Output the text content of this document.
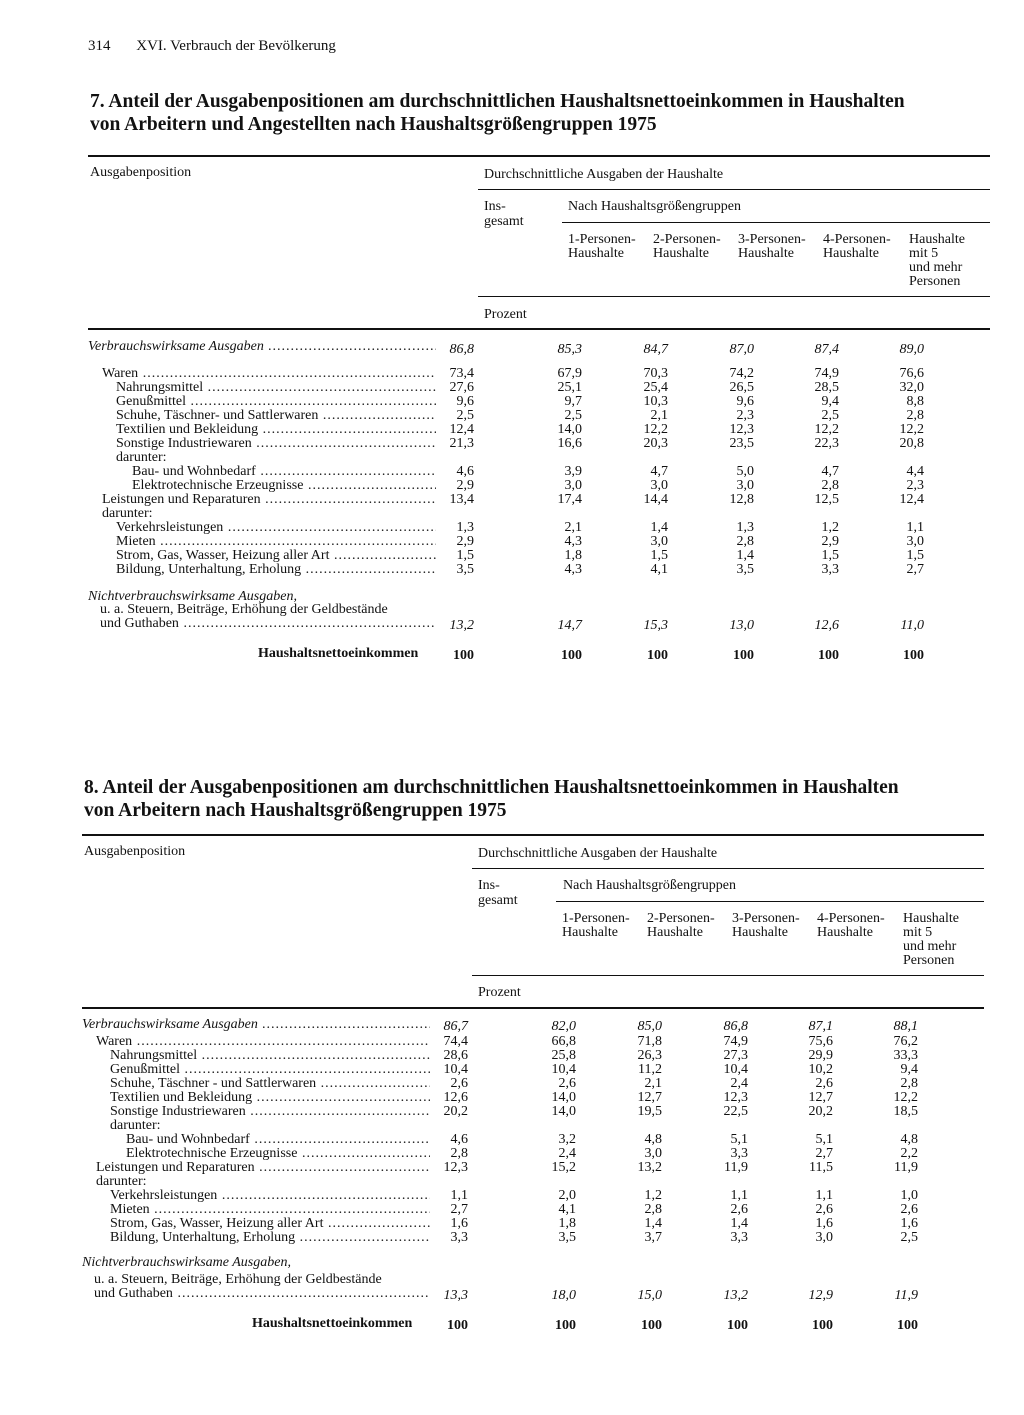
314 XVI. Verbrauch der Bevölkerung
7. Anteil der Ausgabenpositionen am durchschnittlichen Haushaltsnettoeinkommen in Haushalten
von Arbeitern und Angestellten nach Haushaltsgrößengruppen 1975
Ausgabenposition	Durchschnittliche Ausgaben der Haushalte
Ins-
gesamt
Nach Haushaltsgrößengruppen
1-Personen-
Haushalte
2-Personen-
Haushalte
3-Personen-
Haushalte
4-Personen-
Haushalte
Haushalte
mit 5
und mehr
Personen
Prozent
Verbrauchswirksame Ausgaben .....	86,8	85,3	84,7	87,0	87,4	89,0
Waren .....	73,4	67,9	70,3	74,2	74,9	76,6
Nahrungsmittel .....	27,6	25,1	25,4	26,5	28,5	32,0
Genußmittel .....	9,6	9,7	10,3	9,6	9,4	8,8
Schuhe, Täschner- und Sattlerwaren .....	2,5	2,5	2,1	2,3	2,5	2,8
Textilien und Bekleidung .....	12,4	14,0	12,2	12,3	12,2	12,2
Sonstige Industriewaren .....	21,3	16,6	20,3	23,5	22,3	20,8
darunter:
Bau- und Wohnbedarf .....	4,6	3,9	4,7	5,0	4,7	4,4
Elektrotechnische Erzeugnisse .....	2,9	3,0	3,0	3,0	2,8	2,3
Leistungen und Reparaturen .....	13,4	17,4	14,4	12,8	12,5	12,4
darunter:
Verkehrsleistungen .....	1,3	2,1	1,4	1,3	1,2	1,1
Mieten .....	2,9	4,3	3,0	2,8	2,9	3,0
Strom, Gas, Wasser, Heizung aller Art .....	1,5	1,8	1,5	1,4	1,5	1,5
Bildung, Unterhaltung, Erholung .....	3,5	4,3	4,1	3,5	3,3	2,7
Nichtverbrauchswirksame Ausgaben,
u. a. Steuern, Beiträge, Erhöhung der Geldbestände
und Guthaben .....	13,2	14,7	15,3	13,0	12,6	11,0
Haushaltsnettoeinkommen	100	100	100	100	100	100
8. Anteil der Ausgabenpositionen am durchschnittlichen Haushaltsnettoeinkommen in Haushalten
von Arbeitern nach Haushaltsgrößengruppen 1975
Ausgabenposition	Durchschnittliche Ausgaben der Haushalte
Ins-
gesamt
Nach Haushaltsgrößengruppen
1-Personen-
Haushalte
2-Personen-
Haushalte
3-Personen-
Haushalte
4-Personen-
Haushalte
Haushalte
mit 5
und mehr
Personen
Prozent
Verbrauchswirksame Ausgaben .....	86,7	82,0	85,0	86,8	87,1	88,1
Waren .....	74,4	66,8	71,8	74,9	75,6	76,2
Nahrungsmittel .....	28,6	25,8	26,3	27,3	29,9	33,3
Genußmittel .....	10,4	10,4	11,2	10,4	10,2	9,4
Schuhe, Täschner - und Sattlerwaren .....	2,6	2,6	2,1	2,4	2,6	2,8
Textilien und Bekleidung .....	12,6	14,0	12,7	12,3	12,7	12,2
Sonstige Industriewaren .....	20,2	14,0	19,5	22,5	20,2	18,5
darunter:
Bau- und Wohnbedarf .....	4,6	3,2	4,8	5,1	5,1	4,8
Elektrotechnische Erzeugnisse .....	2,8	2,4	3,0	3,3	2,7	2,2
Leistungen und Reparaturen .....	12,3	15,2	13,2	11,9	11,5	11,9
darunter:
Verkehrsleistungen .....	1,1	2,0	1,2	1,1	1,1	1,0
Mieten .....	2,7	4,1	2,8	2,6	2,6	2,6
Strom, Gas, Wasser, Heizung aller Art .....	1,6	1,8	1,4	1,4	1,6	1,6
Bildung, Unterhaltung, Erholung .....	3,3	3,5	3,7	3,3	3,0	2,5
Nichtverbrauchswirksame Ausgaben,
u. a. Steuern, Beiträge, Erhöhung der Geldbestände
und Guthaben .....	13,3	18,0	15,0	13,2	12,9	11,9
Haushaltsnettoeinkommen	100	100	100	100	100	100
